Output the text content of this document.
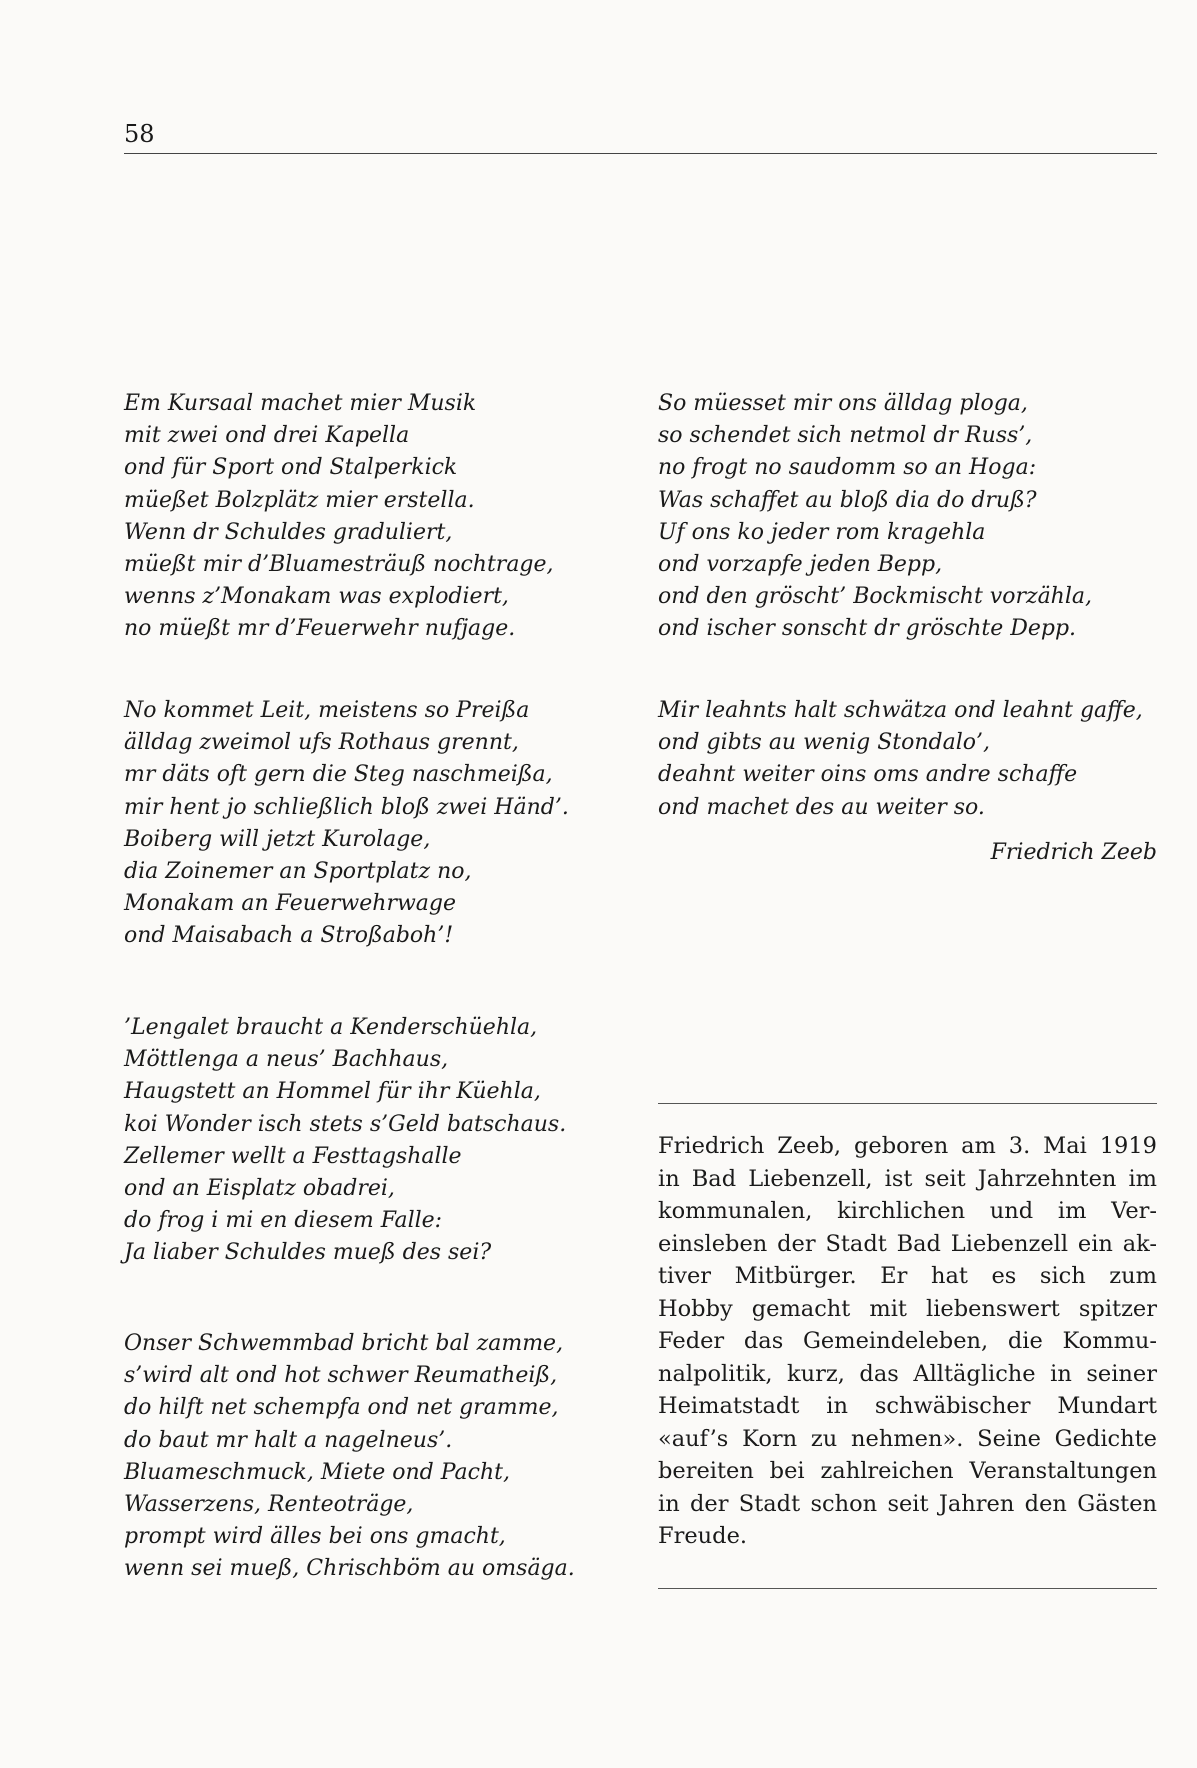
58
Em Kursaal machet mier Musik
mit zwei ond drei Kapella
ond für Sport ond Stalperkick
müeßet Bolzplätz mier erstella.
Wenn dr Schuldes graduliert,
müeßt mir d’Bluamesträuß nochtrage,
wenns z’Monakam was explodiert,
no müeßt mr d’Feuerwehr nufjage.
No kommet Leit, meistens so Preißa
älldag zweimol ufs Rothaus grennt,
mr däts oft gern die Steg naschmeißa,
mir hent jo schließlich bloß zwei Händ’.
Boiberg will jetzt Kurolage,
dia Zoinemer an Sportplatz no,
Monakam an Feuerwehrwage
ond Maisabach a Stroßaboh’!
’Lengalet braucht a Kenderschüehla,
Möttlenga a neus’ Bachhaus,
Haugstett an Hommel für ihr Küehla,
koi Wonder isch stets s’Geld batschaus.
Zellemer wellt a Festtagshalle
ond an Eisplatz obadrei,
do frog i mi en diesem Falle:
Ja liaber Schuldes mueß des sei?
Onser Schwemmbad bricht bal zamme,
s’wird alt ond hot schwer Reumatheiß,
do hilft net schempfa ond net gramme,
do baut mr halt a nagelneus’.
Bluameschmuck, Miete ond Pacht,
Wasserzens, Renteoträge,
prompt wird älles bei ons gmacht,
wenn sei mueß, Chrischböm au omsäga.
So müesset mir ons älldag ploga,
so schendet sich netmol dr Russ’,
no frogt no saudomm so an Hoga:
Was schaffet au bloß dia do druß?
Uf ons ko jeder rom kragehla
ond vorzapfe jeden Bepp,
ond den gröscht’ Bockmischt vorzähla,
ond ischer sonscht dr gröschte Depp.
Mir leahnts halt schwätza ond leahnt gaffe,
ond gibts au wenig Stondalo’,
deahnt weiter oins oms andre schaffe
ond machet des au weiter so.
Friedrich Zeeb
Friedrich Zeeb, geboren am 3. Mai 1919
in Bad Liebenzell, ist seit Jahrzehnten im
kommunalen, kirchlichen und im Ver-
einsleben der Stadt Bad Liebenzell ein ak-
tiver Mitbürger. Er hat es sich zum
Hobby gemacht mit liebenswert spitzer
Feder das Gemeindeleben, die Kommu-
nalpolitik, kurz, das Alltägliche in seiner
Heimatstadt in schwäbischer Mundart
«auf’s Korn zu nehmen». Seine Gedichte
bereiten bei zahlreichen Veranstaltungen
in der Stadt schon seit Jahren den Gästen
Freude.
